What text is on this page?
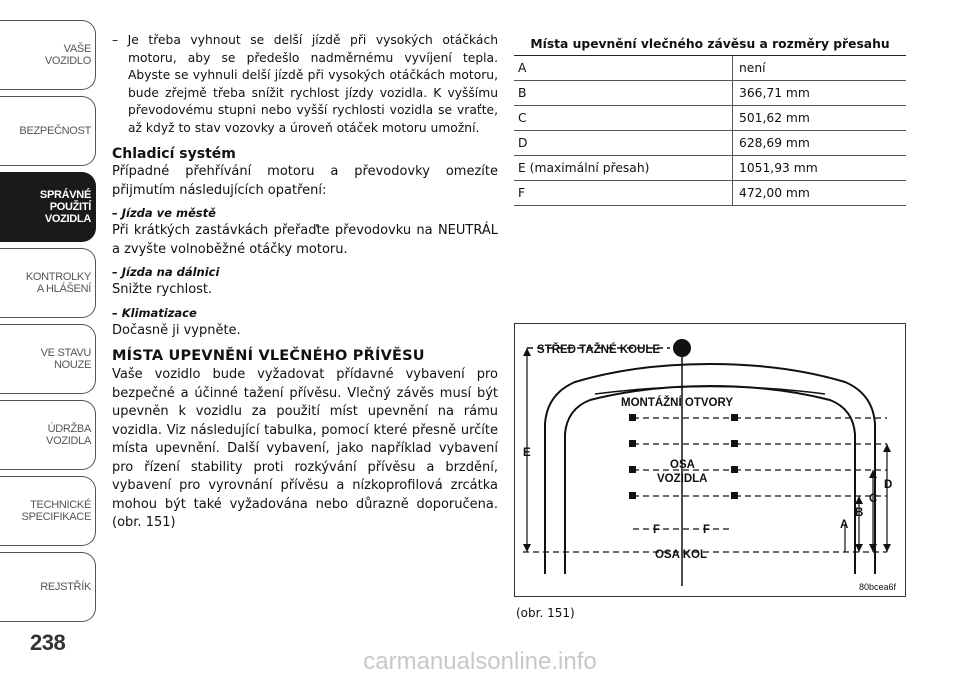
VAŠE
VOZIDLO
BEZPEČNOST
SPRÁVNÉ
POUŽITÍ
VOZIDLA
KONTROLKY
A HLÁŠENÍ
VE STAVU
NOUZE
ÚDRŽBA
VOZIDLA
TECHNICKÉ
SPECIFIKACE
REJSTŘÍK
238

– Je třeba vyhnout se delší jízdě při vysokých otáčkách motoru, aby se předešlo nadměrnému vyvíjení tepla. Abyste se vyhnuli delší jízdě při vysokých otáčkách motoru, bude zřejmě třeba snížit rychlost jízdy vozidla. K vyššímu převodovému stupni nebo vyšší rychlosti vozidla se vraťte, až když to stav vozovky a úroveň otáček motoru umožní.

Chladicí systém

Případné přehřívání motoru a převodovky omezíte přijmutím následujících opatření:

– Jízda ve městě

Při krátkých zastávkách přeřaďte převodovku na NEUTRÁL a zvyšte volnoběžné otáčky motoru.

– Jízda na dálnici

Snižte rychlost.

– Klimatizace

Dočasně ji vypněte.

MÍSTA UPEVNĚNÍ VLEČNÉHO PŘÍVĚSU

Vaše vozidlo bude vyžadovat přídavné vybavení pro bezpečné a účinné tažení přívěsu. Vlečný závěs musí být upevněn k vozidlu za použití míst upevnění na rámu vozidla. Viz následující tabulka, pomocí které přesně určíte místa upevnění. Další vybavení, jako například vybavení pro řízení stability proti rozkývání přívěsu a brzdění, vybavení pro vyrovnání přívěsu a nízkoprofilová zrcátka mohou být také vyžadována nebo důrazně doporučena. (obr. 151)

Místa upevnění vlečného závěsu a rozměry přesahu	
A	není
B	366,71 mm
C	501,62 mm
D	628,69 mm
E (maximální přesah)	1051,93 mm
F	472,00 mm
STŘED TAŽNÉ KOULE
MONTÁŽNÍ OTVORY
OSA
VOZIDLA
OSA KOL
E
A
B
C
D
F	F
80bcea6f
(obr. 151)
carmanualsonline.info
